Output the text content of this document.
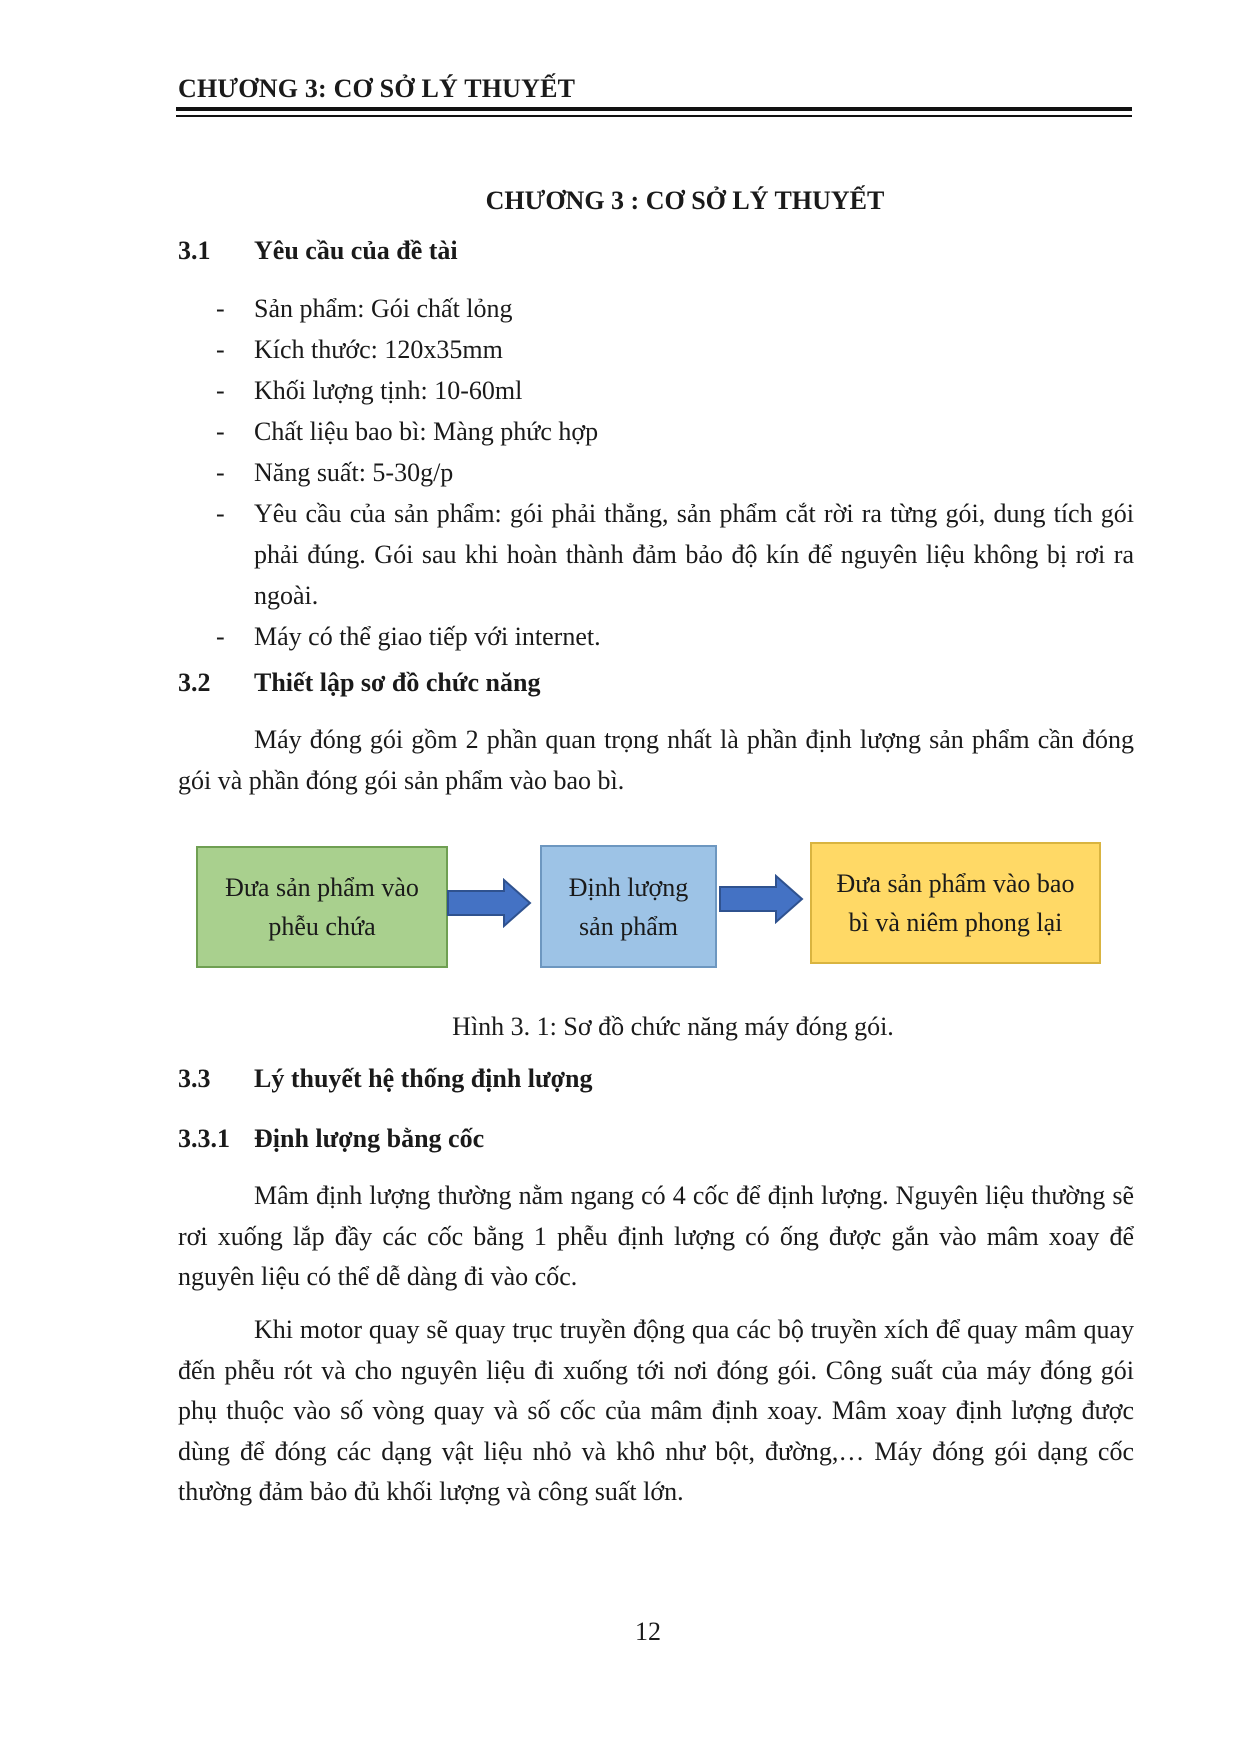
CHƯƠNG 3: CƠ SỞ LÝ THUYẾT
CHƯƠNG 3 : CƠ SỞ LÝ THUYẾT
3.1 Yêu cầu của đề tài
- Sản phẩm: Gói chất lỏng
- Kích thước: 120x35mm
- Khối lượng tịnh: 10-60ml
- Chất liệu bao bì: Màng phức hợp
- Năng suất: 5-30g/p
- Yêu cầu của sản phẩm: gói phải thẳng, sản phẩm cắt rời ra từng gói, dung tích gói phải đúng. Gói sau khi hoàn thành đảm bảo độ kín để nguyên liệu không bị rơi ra ngoài.
- Máy có thể giao tiếp với internet.
3.2 Thiết lập sơ đồ chức năng

Máy đóng gói gồm 2 phần quan trọng nhất là phần định lượng sản phẩm cần đóng gói và phần đóng gói sản phẩm vào bao bì.

Đưa sản phẩm vào
phễu chứa
Định lượng
sản phẩm
Đưa sản phẩm vào bao
bì và niêm phong lại
Hình 3. 1: Sơ đồ chức năng máy đóng gói.
3.3 Lý thuyết hệ thống định lượng
3.3.1 Định lượng bằng cốc

Mâm định lượng thường nằm ngang có 4 cốc để định lượng. Nguyên liệu thường sẽ rơi xuống lắp đầy các cốc bằng 1 phễu định lượng có ống được gắn vào mâm xoay để nguyên liệu có thể dễ dàng đi vào cốc.

Khi motor quay sẽ quay trục truyền động qua các bộ truyền xích để quay mâm quay đến phễu rót và cho nguyên liệu đi xuống tới nơi đóng gói. Công suất của máy đóng gói phụ thuộc vào số vòng quay và số cốc của mâm định xoay. Mâm xoay định lượng được dùng để đóng các dạng vật liệu nhỏ và khô như bột, đường,… Máy đóng gói dạng cốc thường đảm bảo đủ khối lượng và công suất lớn.

12
